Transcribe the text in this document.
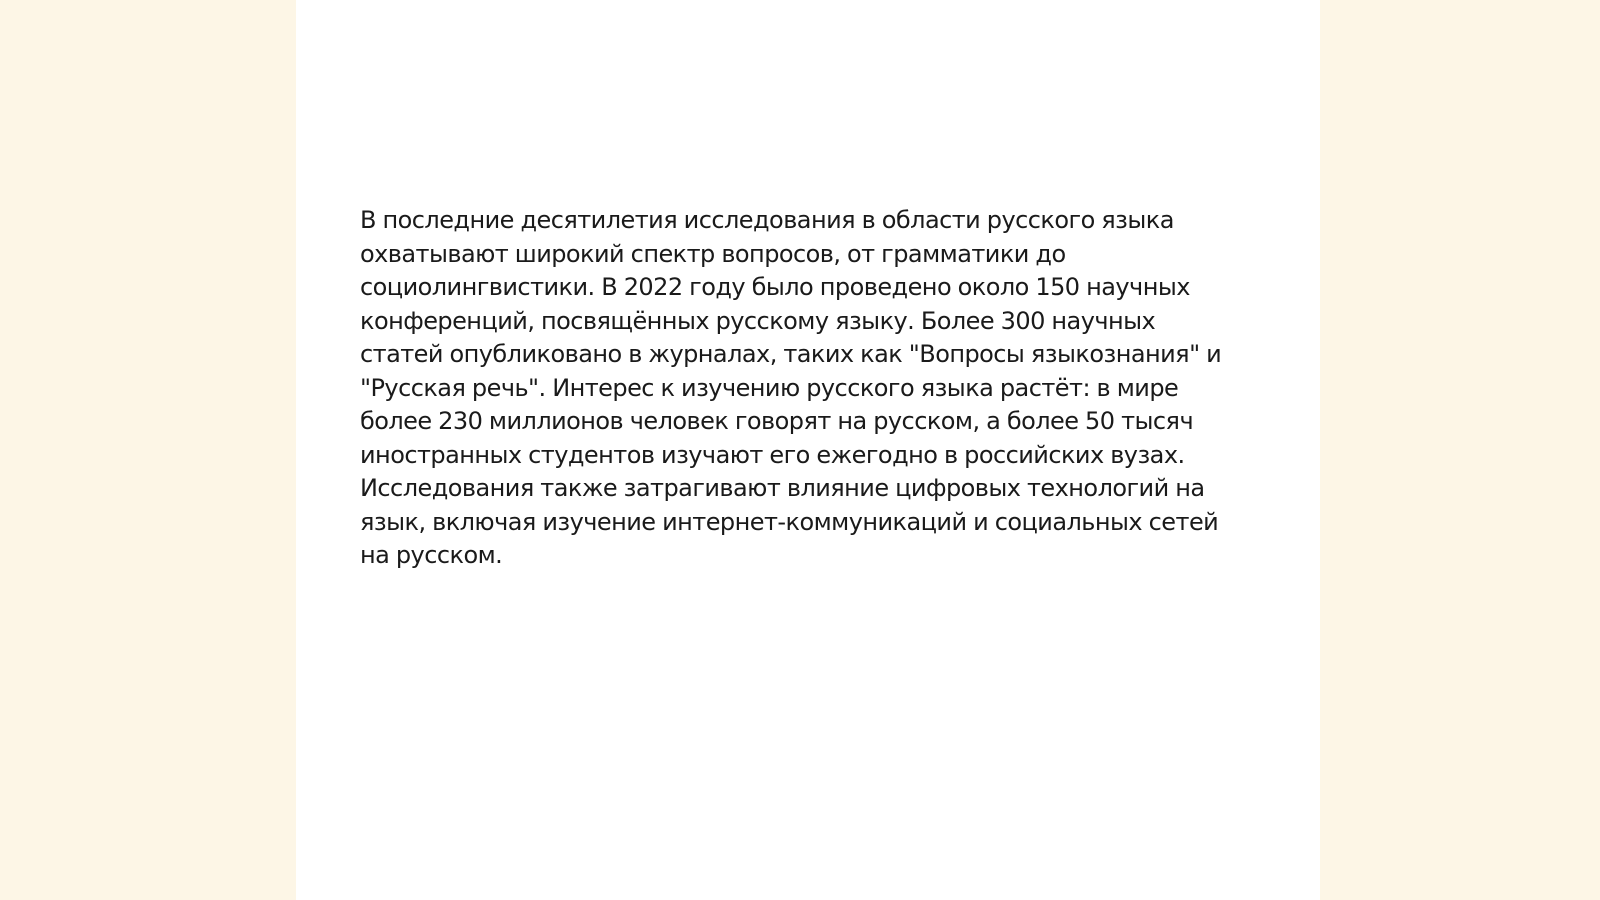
В последние десятилетия исследования в области русского языка охватывают широкий спектр вопросов, от грамматики до социолингвистики. В 2022 году было проведено около 150 научных конференций, посвящённых русскому языку. Более 300 научных статей опубликовано в журналах, таких как "Вопросы языкознания" и "Русская речь". Интерес к изучению русского языка растёт: в мире более 230 миллионов человек говорят на русском, а более 50 тысяч иностранных студентов изучают его ежегодно в российских вузах. Исследования также затрагивают влияние цифровых технологий на язык, включая изучение интернет-коммуникаций и социальных сетей на русском.
